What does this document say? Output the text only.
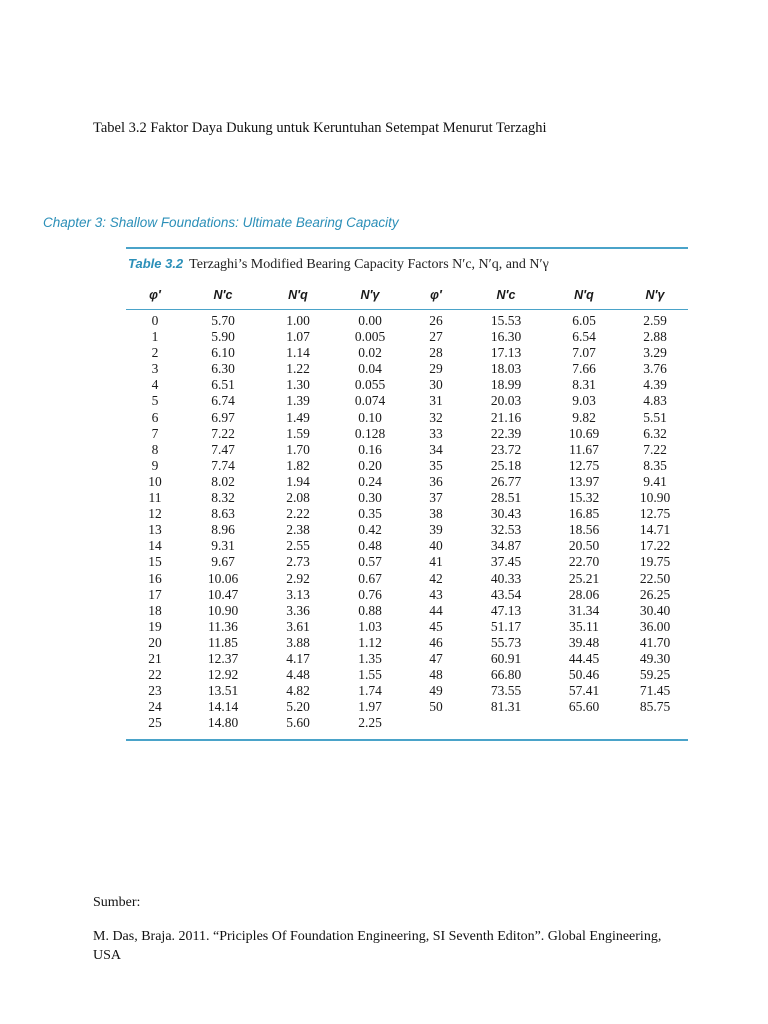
Tabel 3.2 Faktor Daya Dukung untuk Keruntuhan Setempat Menurut Terzaghi
Chapter 3: Shallow Foundations: Ultimate Bearing Capacity
Table 3.2 Terzaghi’s Modified Bearing Capacity Factors N′c, N′q, and N′γ
φ′	N′c	N′q	N′γ	φ′	N′c	N′q	N′γ
0	5.70	1.00	0.00	26	15.53	6.05	2.59
1	5.90	1.07	0.005	27	16.30	6.54	2.88
2	6.10	1.14	0.02	28	17.13	7.07	3.29
3	6.30	1.22	0.04	29	18.03	7.66	3.76
4	6.51	1.30	0.055	30	18.99	8.31	4.39
5	6.74	1.39	0.074	31	20.03	9.03	4.83
6	6.97	1.49	0.10	32	21.16	9.82	5.51
7	7.22	1.59	0.128	33	22.39	10.69	6.32
8	7.47	1.70	0.16	34	23.72	11.67	7.22
9	7.74	1.82	0.20	35	25.18	12.75	8.35
10	8.02	1.94	0.24	36	26.77	13.97	9.41
11	8.32	2.08	0.30	37	28.51	15.32	10.90
12	8.63	2.22	0.35	38	30.43	16.85	12.75
13	8.96	2.38	0.42	39	32.53	18.56	14.71
14	9.31	2.55	0.48	40	34.87	20.50	17.22
15	9.67	2.73	0.57	41	37.45	22.70	19.75
16	10.06	2.92	0.67	42	40.33	25.21	22.50
17	10.47	3.13	0.76	43	43.54	28.06	26.25
18	10.90	3.36	0.88	44	47.13	31.34	30.40
19	11.36	3.61	1.03	45	51.17	35.11	36.00
20	11.85	3.88	1.12	46	55.73	39.48	41.70
21	12.37	4.17	1.35	47	60.91	44.45	49.30
22	12.92	4.48	1.55	48	66.80	50.46	59.25
23	13.51	4.82	1.74	49	73.55	57.41	71.45
24	14.14	5.20	1.97	50	81.31	65.60	85.75
25	14.80	5.60	2.25				
Sumber:
M. Das, Braja. 2011. “Priciples Of Foundation Engineering, SI Seventh Editon”. Global Engineering, USA
